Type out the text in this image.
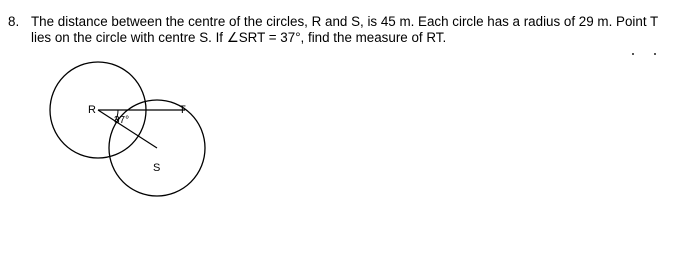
8. The distance between the centre of the circles, R and S, is 45 m. Each circle has a radius of 29 m. Point T
lies on the circle with centre S. If ∠SRT = 37°, find the measure of RT.
R	T
S
37°
